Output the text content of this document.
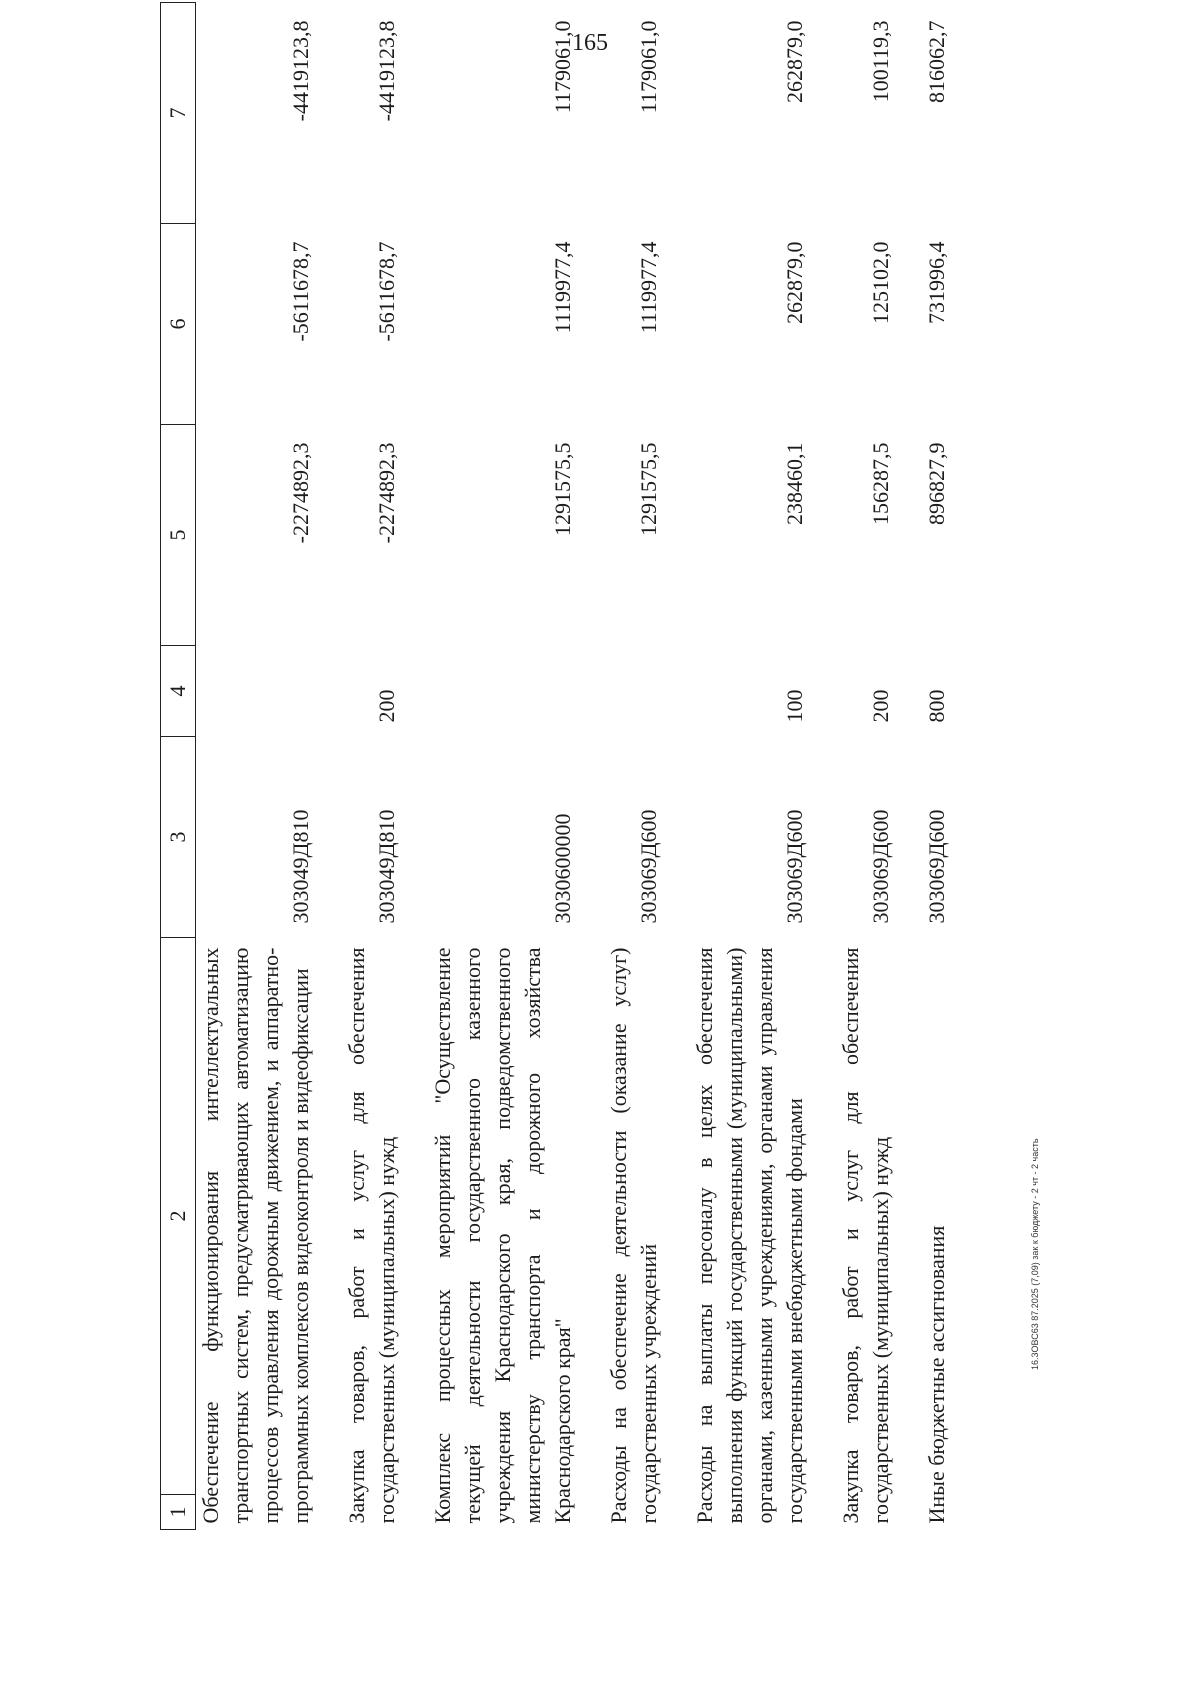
165
1	2	3	4	5	6	7
Обеспечение функционирования интеллектуальных транспортных систем, предусматривающих автоматизацию процессов управления дорожным движением, и аппаратно-программных комплексов видеоконтроля и видеофиксации		303049Д810		-2274892,3	-5611678,7	-4419123,8
Закупка товаров, работ и услуг для обеспечения государственных (муниципальных) нужд		303049Д810	200	-2274892,3	-5611678,7	-4419123,8
Комплекс процессных мероприятий "Осуществление текущей деятельности государственного казенного учреждения Краснодарского края, подведомственного министерству транспорта и дорожного хозяйства Краснодарского края"		3030600000		1291575,5	1119977,4	1179061,0
Расходы на обеспечение деятельности (оказание услуг) государственных учреждений		303069Д600		1291575,5	1119977,4	1179061,0
Расходы на выплаты персоналу в целях обеспечения выполнения функций государственными (муниципальными) органами, казенными учреждениями, органами управления государственными внебюджетными фондами		303069Д600	100	238460,1	262879,0	262879,0
Закупка товаров, работ и услуг для обеспечения государственных (муниципальных) нужд		303069Д600	200	156287,5	125102,0	100119,3
Иные бюджетные ассигнования		303069Д600	800	896827,9	731996,4	816062,7
16.3ОВС63 87.2025 (7,09) зак к бюджету - 2 чт - 2 часть
